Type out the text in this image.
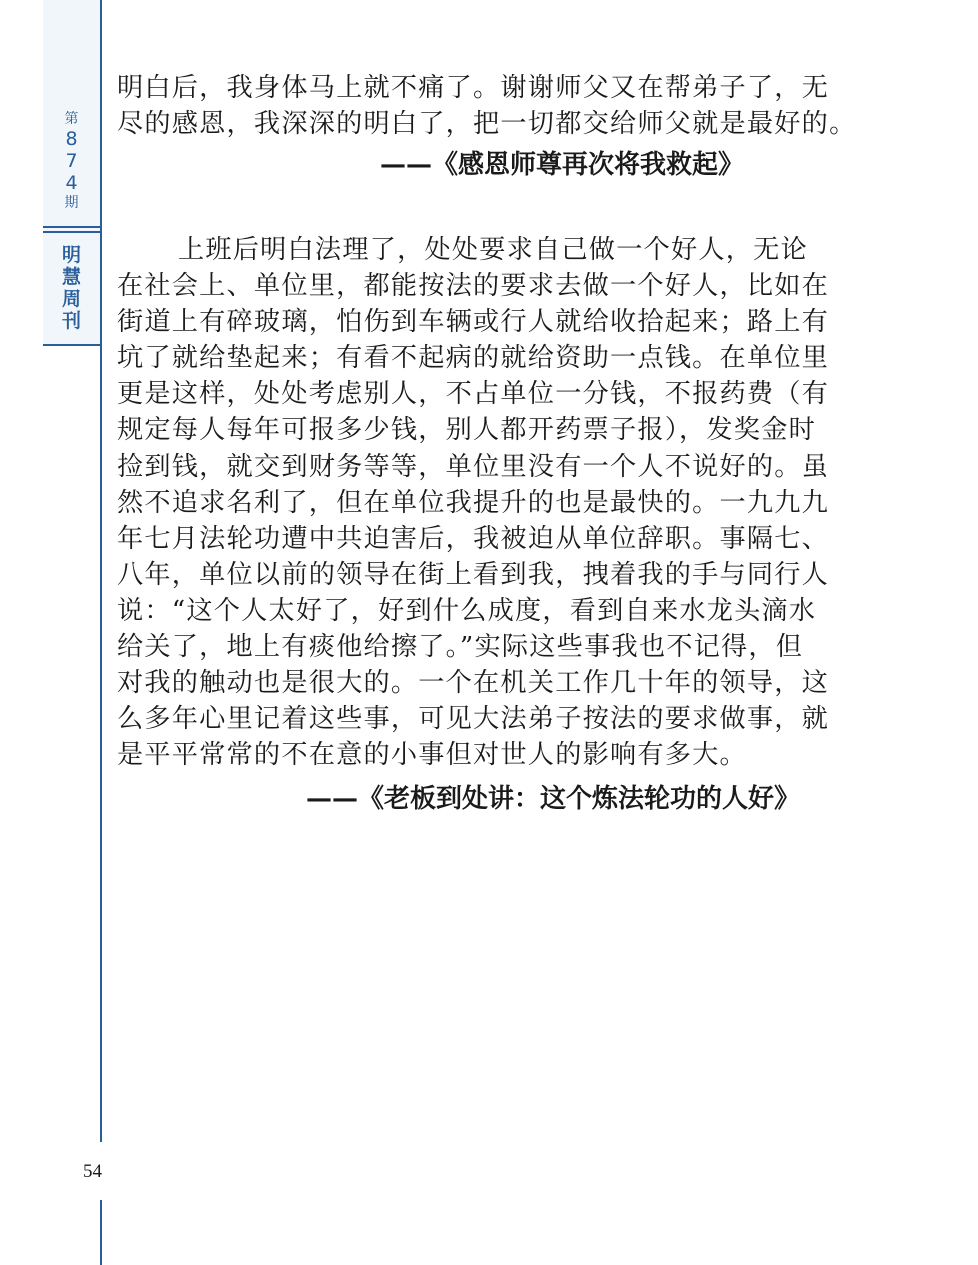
第
8
7
4
期
明
慧
周
刊
明白后，我身体马上就不痛了。谢谢师父又在帮弟子了，无
尽的感恩，我深深的明白了，把一切都交给师父就是最好的。
——《感恩师尊再次将我救起》
上班后明白法理了，处处要求自己做一个好人，无论
在社会上、单位里，都能按法的要求去做一个好人，比如在
街道上有碎玻璃，怕伤到车辆或行人就给收拾起来；路上有
坑了就给垫起来；有看不起病的就给资助一点钱。在单位里
更是这样，处处考虑别人，不占单位一分钱，不报药费（有
规定每人每年可报多少钱，别人都开药票子报），发奖金时
捡到钱，就交到财务等等，单位里没有一个人不说好的。虽
然不追求名利了，但在单位我提升的也是最快的。一九九九
年七月法轮功遭中共迫害后，我被迫从单位辞职。事隔七、
八年，单位以前的领导在街上看到我，拽着我的手与同行人
说：“这个人太好了，好到什么成度，看到自来水龙头滴水
给关了，地上有痰他给擦了。”实际这些事我也不记得，但
对我的触动也是很大的。一个在机关工作几十年的领导，这
么多年心里记着这些事，可见大法弟子按法的要求做事，就
是平平常常的不在意的小事但对世人的影响有多大。
——《老板到处讲：这个炼法轮功的人好》
54
